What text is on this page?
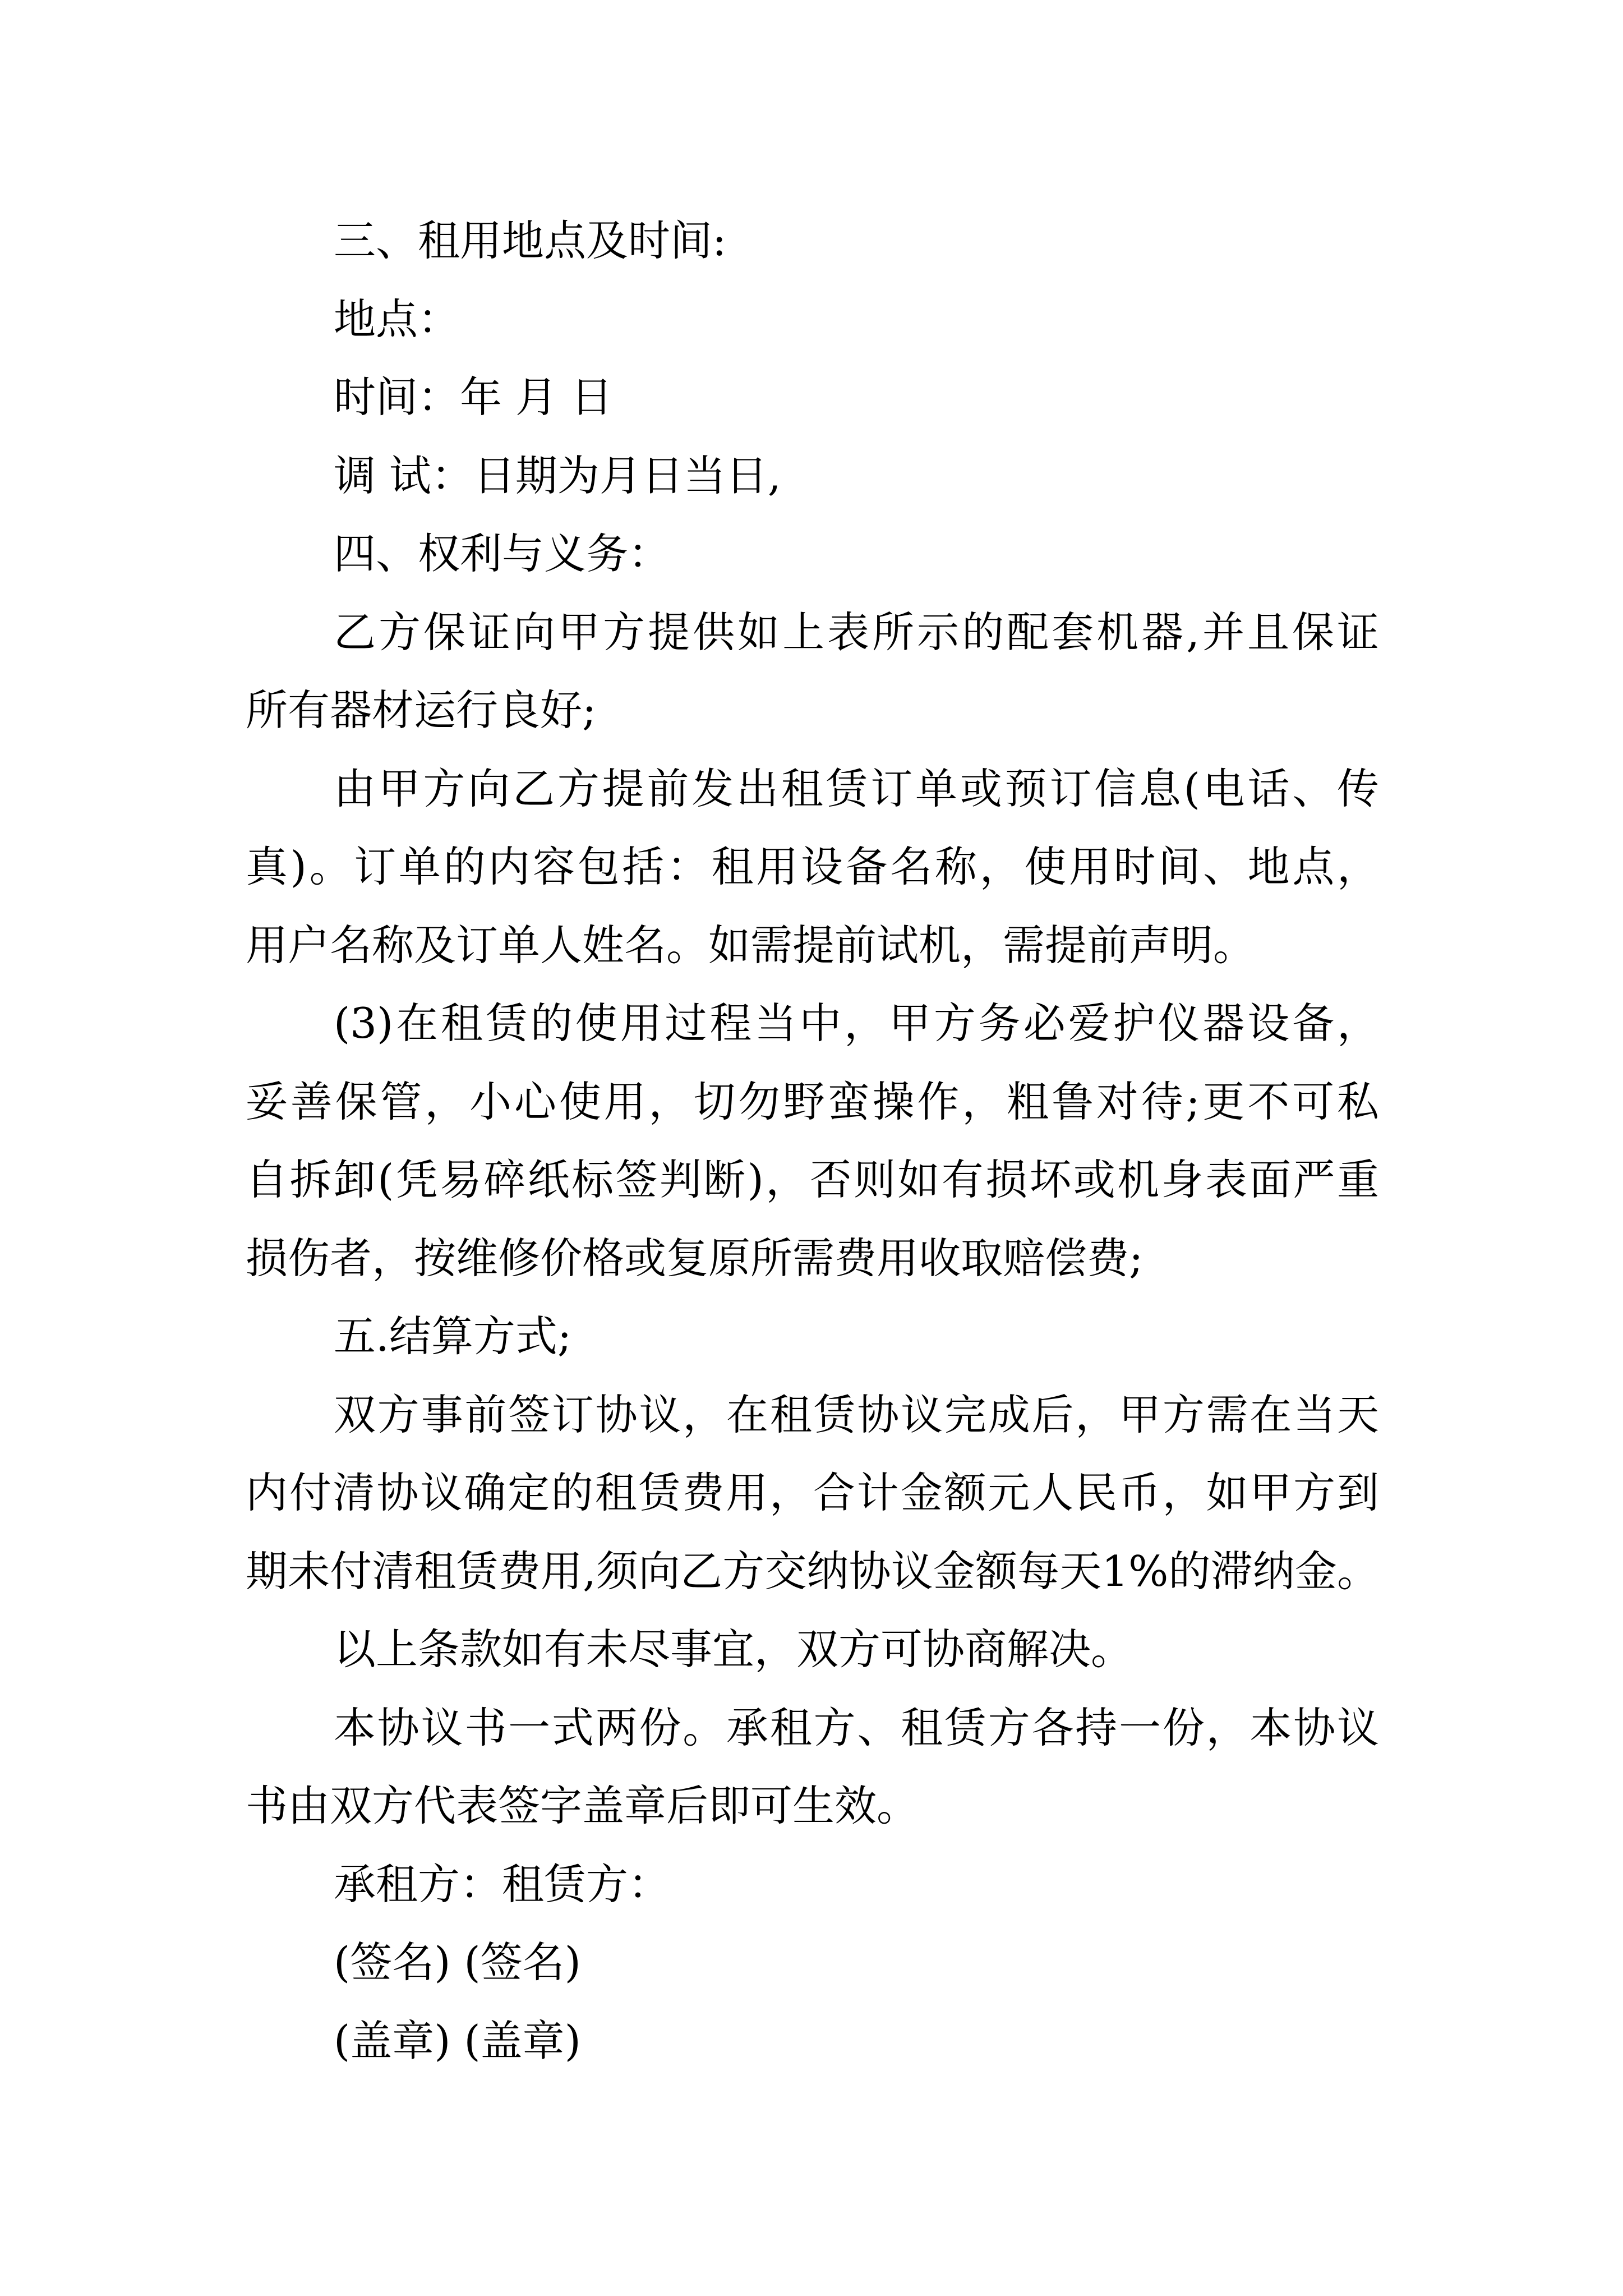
三、租用地点及时间:

地点：

时间：年 月 日

调 试：日期为月日当日,

四、权利与义务：

乙方保证向甲方提供如上表所示的配套机器,并且保证

所有器材运行良好;

由甲方向乙方提前发出租赁订单或预订信息(电话、传

真)。订单的内容包括：租用设备名称，使用时间、地点，

用户名称及订单人姓名。如需提前试机，需提前声明。

(3)在租赁的使用过程当中，甲方务必爱护仪器设备，

妥善保管，小心使用，切勿野蛮操作，粗鲁对待;更不可私

自拆卸(凭易碎纸标签判断)，否则如有损坏或机身表面严重

损伤者，按维修价格或复原所需费用收取赔偿费;

五.结算方式;

双方事前签订协议，在租赁协议完成后，甲方需在当天

内付清协议确定的租赁费用，合计金额元人民币，如甲方到

期未付清租赁费用,须向乙方交纳协议金额每天1%的滞纳金。

以上条款如有未尽事宜，双方可协商解决。

本协议书一式两份。承租方、租赁方各持一份，本协议

书由双方代表签字盖章后即可生效。

承租方：租赁方：

(签名) (签名)

(盖章) (盖章)
